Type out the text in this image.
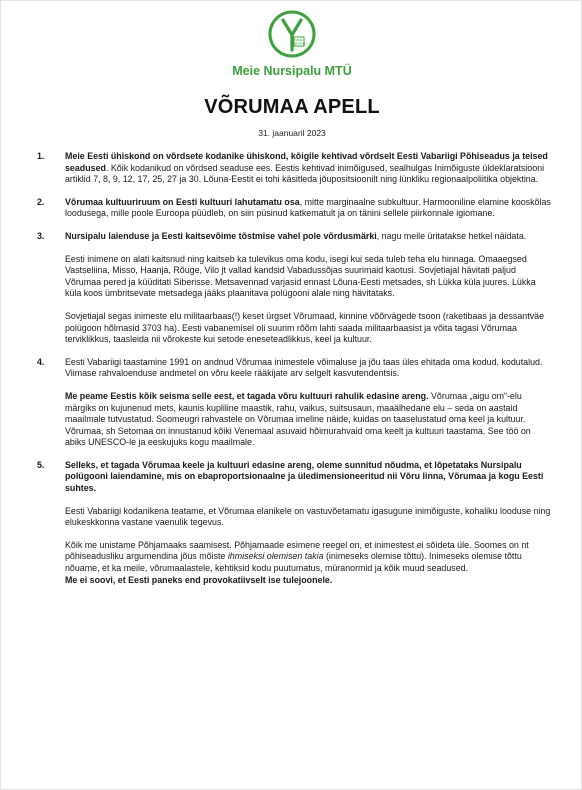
MEIE
NURSIPALU
Meie Nursipalu MTÜ
VÕRUMAA APELL
31. jaanuaril 2023
1. Meie Eesti ühiskond on võrdsete kodanike ühiskond, kõigile kehtivad võrdselt Eesti Vabariigi Põhiseadus ja teised seadused. Kõik kodanikud on võrdsed seaduse ees. Eestis kehtivad inimõigused, sealhulgas Inimõiguste üldeklaratsiooni artiklid 7, 8, 9, 12, 17, 25, 27 ja 30. Lõuna-Eestit ei tohi käsitleda jõupositsioonilt ning lünkliku regionaalpoliitika objektina.

2. Võrumaa kultuuriruum on Eesti kultuuri lahutamatu osa, mitte marginaalne subkultuur. Harmooniline elamine kooskõlas loodusega, mille poole Euroopa püüdleb, on siin püsinud katkematult ja on tänini sellele piirkonnale igiomane.

3. Nursipalu laienduse ja Eesti kaitsevõime tõstmise vahel pole võrdusmärki, nagu meile üritatakse hetkel näidata.

Eesti inimene on alati kaitsnud ning kaitseb ka tulevikus oma kodu, isegi kui seda tuleb teha elu hinnaga. Omaaegsed Vastseliina, Misso, Haanja, Rõuge, Vilo jt vallad kandsid Vabadussõjas suurimaid kaotusi. Sovjetiajal hävitati paljud Võrumaa pered ja küüditati Siberisse. Metsavennad varjasid ennast Lõuna-Eesti metsades, sh Lükka küla juures. Lükka küla koos ümbritsevate metsadega jääks plaanitava polügooni alale ning hävitataks.

Sovjetiajal segas inimeste elu militaarbaas(!) keset ürgset Võrumaad, kinnine võõrvägede tsoon (raketibaas ja dessantväe polügoon hõlmasid 3703 ha). Eesti vabanemisel oli suurim rõõm lahti saada militaarbaasist ja võita tagasi Võrumaa terviklikkus, taasleida nii võrokeste kui setode eneseteadlikkus, keel ja kultuur.

4. Eesti Vabariigi taastamine 1991 on andnud Võrumaa inimestele võimaluse ja jõu taas üles ehitada oma kodud, kodutalud. Viimase rahvaloenduse andmetel on võru keele rääkijate arv selgelt kasvutendentsis.

Me peame Eestis kõik seisma selle eest, et tagada võru kultuuri rahulik edasine areng. Võrumaa „aigu om“-elu märgiks on kujunenud mets, kaunis kupliline maastik, rahu, vaikus, suitsusaun, maaälhedane elu – seda on aastaid maailmale tutvustatud. Soomeugri rahvastele on Võrumaa imeline näide, kuidas on taaselustatud oma keel ja kultuur. Võrumaa, sh Setomaa on innustanud kõiki Venemaal asuvaid hõimurahvaid oma keelt ja kultuuri taastama. See töö on abiks UNESCO-le ja eeskujuks kogu maailmale.

5. Selleks, et tagada Võrumaa keele ja kultuuri edasine areng, oleme sunnitud nõudma, et lõpetataks Nursipalu polügooni laiendamine, mis on ebaproportsionaalne ja üledimensioneeritud nii Võru linna, Võrumaa ja kogu Eesti suhtes.

Eesti Vabariigi kodanikena teatame, et Võrumaa elanikele on vastuvõetamatu igasugune inimõiguste, kohaliku looduse ning elukeskkonna vastane vaenulik tegevus.

Kõik me unistame Põhjamaaks saamisest. Põhjamaade esimene reegel on, et inimestest ei sõideta üle. Soomes on nt põhiseadusliku argumendina jõus mõiste ihmiseksi olemisen takia (inimeseks olemise tõttu). Inimeseks olemise tõttu nõuame, et ka meile, võrumaalastele, kehtiksid kodu puutumatus, müranormid ja kõik muud seadused.
Me ei soovi, et Eesti paneks end provokatiivselt ise tulejoonele.
